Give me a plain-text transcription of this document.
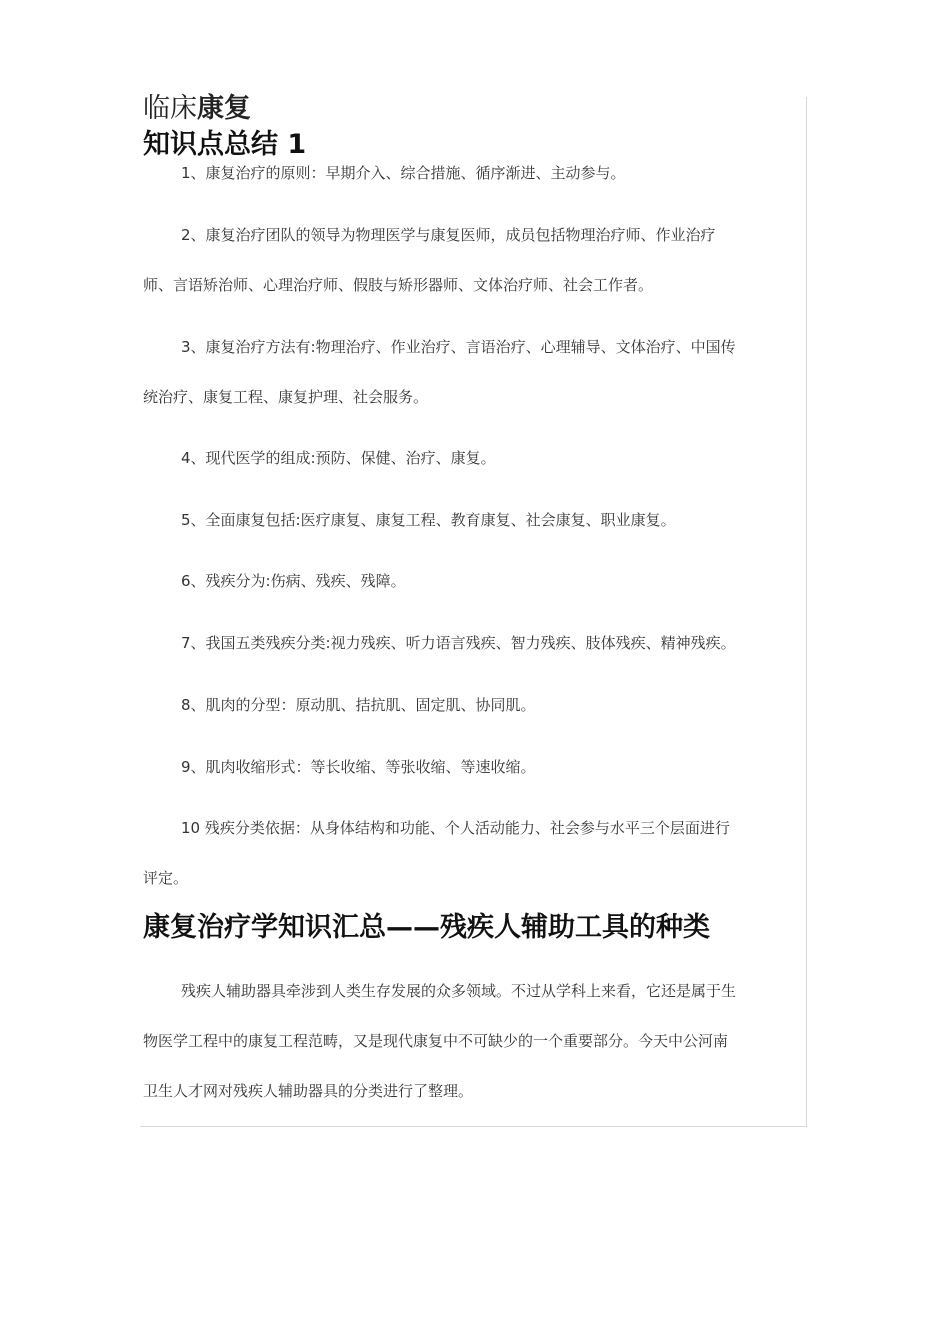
临床康复
知识点总结 1
1、康复治疗的原则：早期介入、综合措施、循序渐进、主动参与。
2、康复治疗团队的领导为物理医学与康复医师，成员包括物理治疗师、作业治疗
师、言语矫治师、心理治疗师、假肢与矫形器师、文体治疗师、社会工作者。
3、康复治疗方法有:物理治疗、作业治疗、言语治疗、心理辅导、文体治疗、中国传
统治疗、康复工程、康复护理、社会服务。
4、现代医学的组成:预防、保健、治疗、康复。
5、全面康复包括:医疗康复、康复工程、教育康复、社会康复、职业康复。
6、残疾分为:伤病、残疾、残障。
7、我国五类残疾分类:视力残疾、听力语言残疾、智力残疾、肢体残疾、精神残疾。
8、肌肉的分型：原动肌、拮抗肌、固定肌、协同肌。
9、肌肉收缩形式：等长收缩、等张收缩、等速收缩。
10 残疾分类依据：从身体结构和功能、个人活动能力、社会参与水平三个层面进行
评定。
康复治疗学知识汇总——残疾人辅助工具的种类
残疾人辅助器具牵涉到人类生存发展的众多领域。不过从学科上来看，它还是属于生
物医学工程中的康复工程范畴，又是现代康复中不可缺少的一个重要部分。今天中公河南
卫生人才网对残疾人辅助器具的分类进行了整理。
